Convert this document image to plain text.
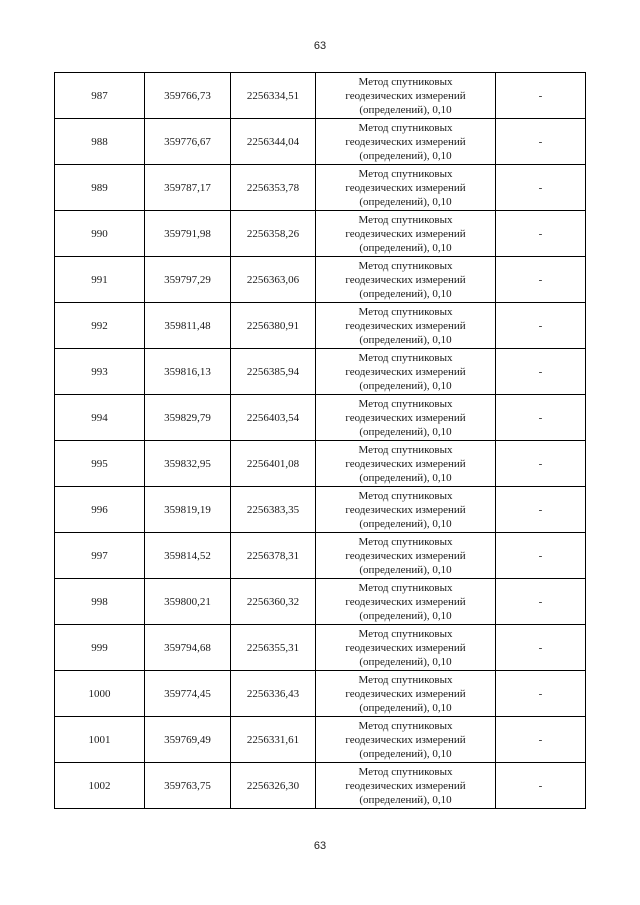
63
987	359766,73	2256334,51	Метод спутниковых
геодезических измерений
(определений), 0,10	-
988	359776,67	2256344,04	Метод спутниковых
геодезических измерений
(определений), 0,10	-
989	359787,17	2256353,78	Метод спутниковых
геодезических измерений
(определений), 0,10	-
990	359791,98	2256358,26	Метод спутниковых
геодезических измерений
(определений), 0,10	-
991	359797,29	2256363,06	Метод спутниковых
геодезических измерений
(определений), 0,10	-
992	359811,48	2256380,91	Метод спутниковых
геодезических измерений
(определений), 0,10	-
993	359816,13	2256385,94	Метод спутниковых
геодезических измерений
(определений), 0,10	-
994	359829,79	2256403,54	Метод спутниковых
геодезических измерений
(определений), 0,10	-
995	359832,95	2256401,08	Метод спутниковых
геодезических измерений
(определений), 0,10	-
996	359819,19	2256383,35	Метод спутниковых
геодезических измерений
(определений), 0,10	-
997	359814,52	2256378,31	Метод спутниковых
геодезических измерений
(определений), 0,10	-
998	359800,21	2256360,32	Метод спутниковых
геодезических измерений
(определений), 0,10	-
999	359794,68	2256355,31	Метод спутниковых
геодезических измерений
(определений), 0,10	-
1000	359774,45	2256336,43	Метод спутниковых
геодезических измерений
(определений), 0,10	-
1001	359769,49	2256331,61	Метод спутниковых
геодезических измерений
(определений), 0,10	-
1002	359763,75	2256326,30	Метод спутниковых
геодезических измерений
(определений), 0,10	-
63
